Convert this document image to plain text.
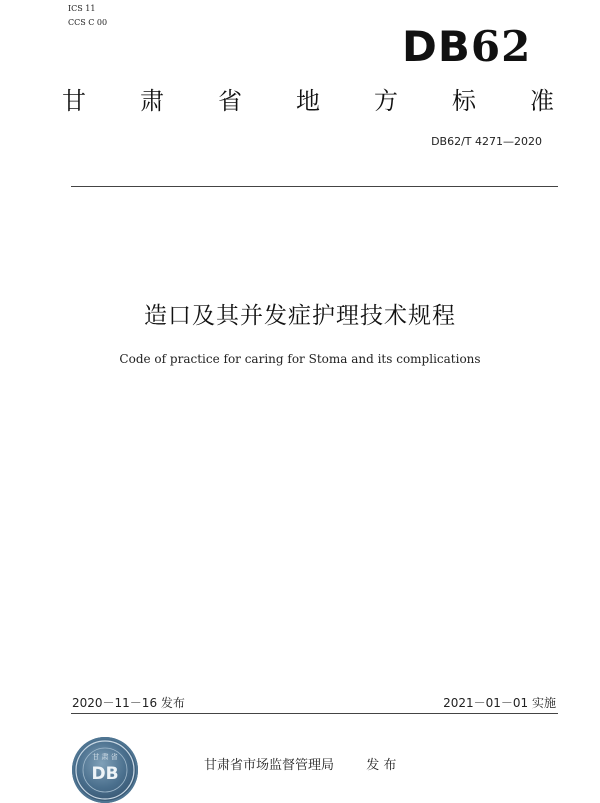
ICS 11
CCS C 00	DB62
甘 肃 省 地 方 标 准
DB62/T 4271—2020
造口及其并发症护理技术规程
Code of practice for caring for Stoma and its complications
2020－11－16 发布	2021－01－01 实施
甘 肃 省
DB	甘肃省市场监督管理局 发 布
